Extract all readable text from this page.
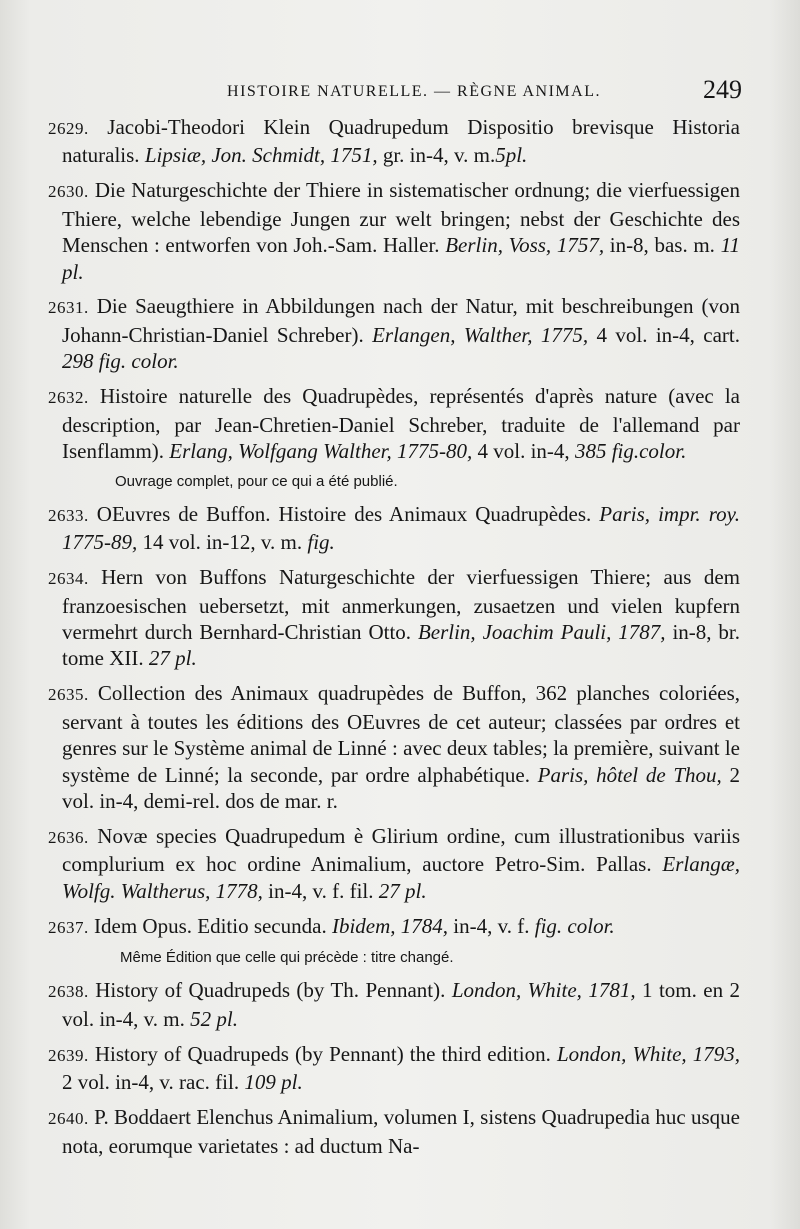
HISTOIRE NATURELLE. — RÈGNE ANIMAL.	249

2629. Jacobi-Theodori Klein Quadrupedum Dispositio brevisque Historia naturalis. Lipsiæ, Jon. Schmidt, 1751, gr. in-4, v. m.5pl.

2630. Die Naturgeschichte der Thiere in sistematischer ordnung; die vierfuessigen Thiere, welche lebendige Jungen zur welt bringen; nebst der Geschichte des Menschen : entworfen von Joh.-Sam. Haller. Berlin, Voss, 1757, in-8, bas. m. 11 pl.

2631. Die Saeugthiere in Abbildungen nach der Natur, mit beschreibungen (von Johann-Christian-Daniel Schreber). Erlangen, Walther, 1775, 4 vol. in-4, cart. 298 fig. color.

2632. Histoire naturelle des Quadrupèdes, représentés d'après nature (avec la description, par Jean-Chretien-Daniel Schreber, traduite de l'allemand par Isenflamm). Erlang, Wolfgang Walther, 1775-80, 4 vol. in-4, 385 fig.color.

Ouvrage complet, pour ce qui a été publié.

2633. OEuvres de Buffon. Histoire des Animaux Quadrupèdes. Paris, impr. roy. 1775-89, 14 vol. in-12, v. m. fig.

2634. Hern von Buffons Naturgeschichte der vierfuessigen Thiere; aus dem franzoesischen uebersetzt, mit anmerkungen, zusaetzen und vielen kupfern vermehrt durch Bernhard-Christian Otto. Berlin, Joachim Pauli, 1787, in-8, br. tome XII. 27 pl.

2635. Collection des Animaux quadrupèdes de Buffon, 362 planches coloriées, servant à toutes les éditions des OEuvres de cet auteur; classées par ordres et genres sur le Système animal de Linné : avec deux tables; la première, suivant le système de Linné; la seconde, par ordre alphabétique. Paris, hôtel de Thou, 2 vol. in-4, demi-rel. dos de mar. r.

2636. Novæ species Quadrupedum è Glirium ordine, cum illustrationibus variis complurium ex hoc ordine Animalium, auctore Petro-Sim. Pallas. Erlangæ, Wolfg. Waltherus, 1778, in-4, v. f. fil. 27 pl.

2637. Idem Opus. Editio secunda. Ibidem, 1784, in-4, v. f. fig. color.

Même Édition que celle qui précède : titre changé.

2638. History of Quadrupeds (by Th. Pennant). London, White, 1781, 1 tom. en 2 vol. in-4, v. m. 52 pl.

2639. History of Quadrupeds (by Pennant) the third edition. London, White, 1793, 2 vol. in-4, v. rac. fil. 109 pl.

2640. P. Boddaert Elenchus Animalium, volumen I, sistens Quadrupedia huc usque nota, eorumque varietates : ad ductum Na-
